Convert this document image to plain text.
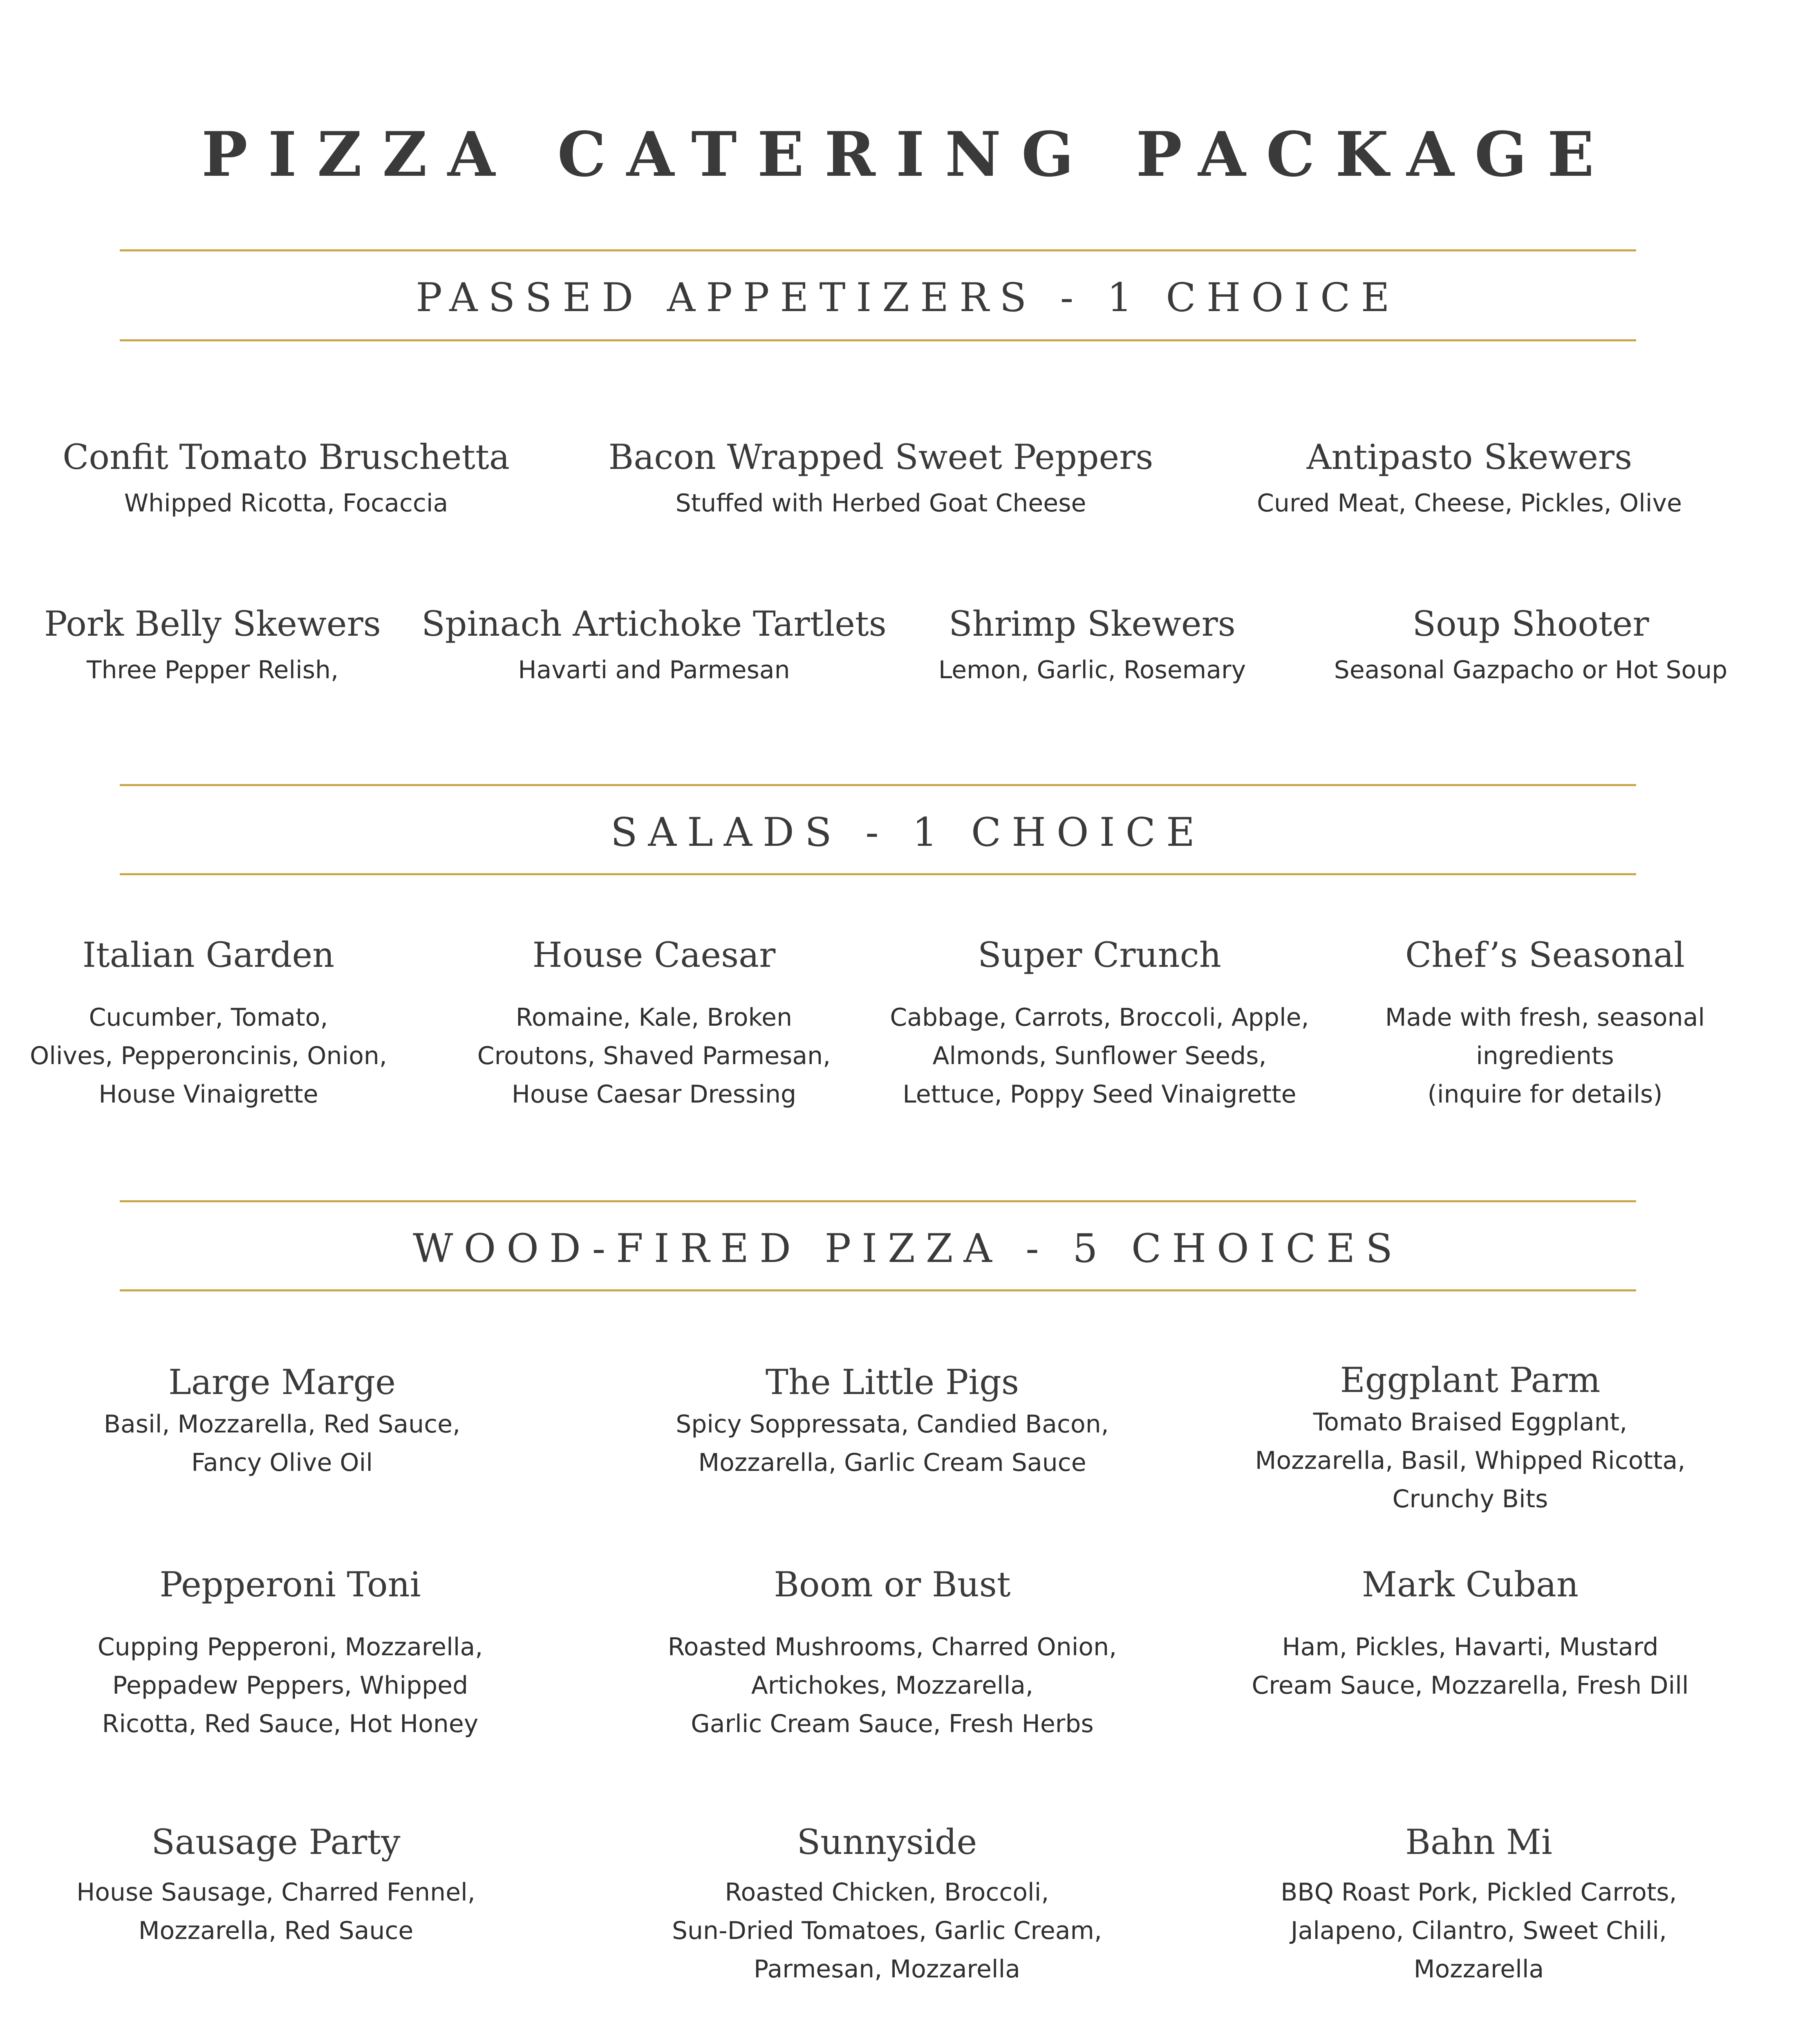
PIZZA CATERING PACKAGE
PASSED APPETIZERS - 1 CHOICE
Confit Tomato Bruschetta
Whipped Ricotta, Focaccia
Bacon Wrapped Sweet Peppers
Stuffed with Herbed Goat Cheese
Antipasto Skewers
Cured Meat, Cheese, Pickles, Olive
Pork Belly Skewers
Three Pepper Relish,
Spinach Artichoke Tartlets
Havarti and Parmesan
Shrimp Skewers
Lemon, Garlic, Rosemary
Soup Shooter
Seasonal Gazpacho or Hot Soup
SALADS - 1 CHOICE
Italian Garden
Cucumber, Tomato,
Olives, Pepperoncinis, Onion,
House Vinaigrette
House Caesar
Romaine, Kale, Broken
Croutons, Shaved Parmesan,
House Caesar Dressing
Super Crunch
Cabbage, Carrots, Broccoli, Apple,
Almonds, Sunflower Seeds,
Lettuce, Poppy Seed Vinaigrette
Chef’s Seasonal
Made with fresh, seasonal
ingredients
(inquire for details)
WOOD-FIRED PIZZA - 5 CHOICES
Large Marge
Basil, Mozzarella, Red Sauce,
Fancy Olive Oil
The Little Pigs
Spicy Soppressata, Candied Bacon,
Mozzarella, Garlic Cream Sauce
Eggplant Parm
Tomato Braised Eggplant,
Mozzarella, Basil, Whipped Ricotta,
Crunchy Bits
Pepperoni Toni
Cupping Pepperoni, Mozzarella,
Peppadew Peppers, Whipped
Ricotta, Red Sauce, Hot Honey
Boom or Bust
Roasted Mushrooms, Charred Onion,
Artichokes, Mozzarella,
Garlic Cream Sauce, Fresh Herbs
Mark Cuban
Ham, Pickles, Havarti, Mustard
Cream Sauce, Mozzarella, Fresh Dill
Sausage Party
House Sausage, Charred Fennel,
Mozzarella, Red Sauce
Sunnyside
Roasted Chicken, Broccoli,
Sun-Dried Tomatoes, Garlic Cream,
Parmesan, Mozzarella
Bahn Mi
BBQ Roast Pork, Pickled Carrots,
Jalapeno, Cilantro, Sweet Chili,
Mozzarella
